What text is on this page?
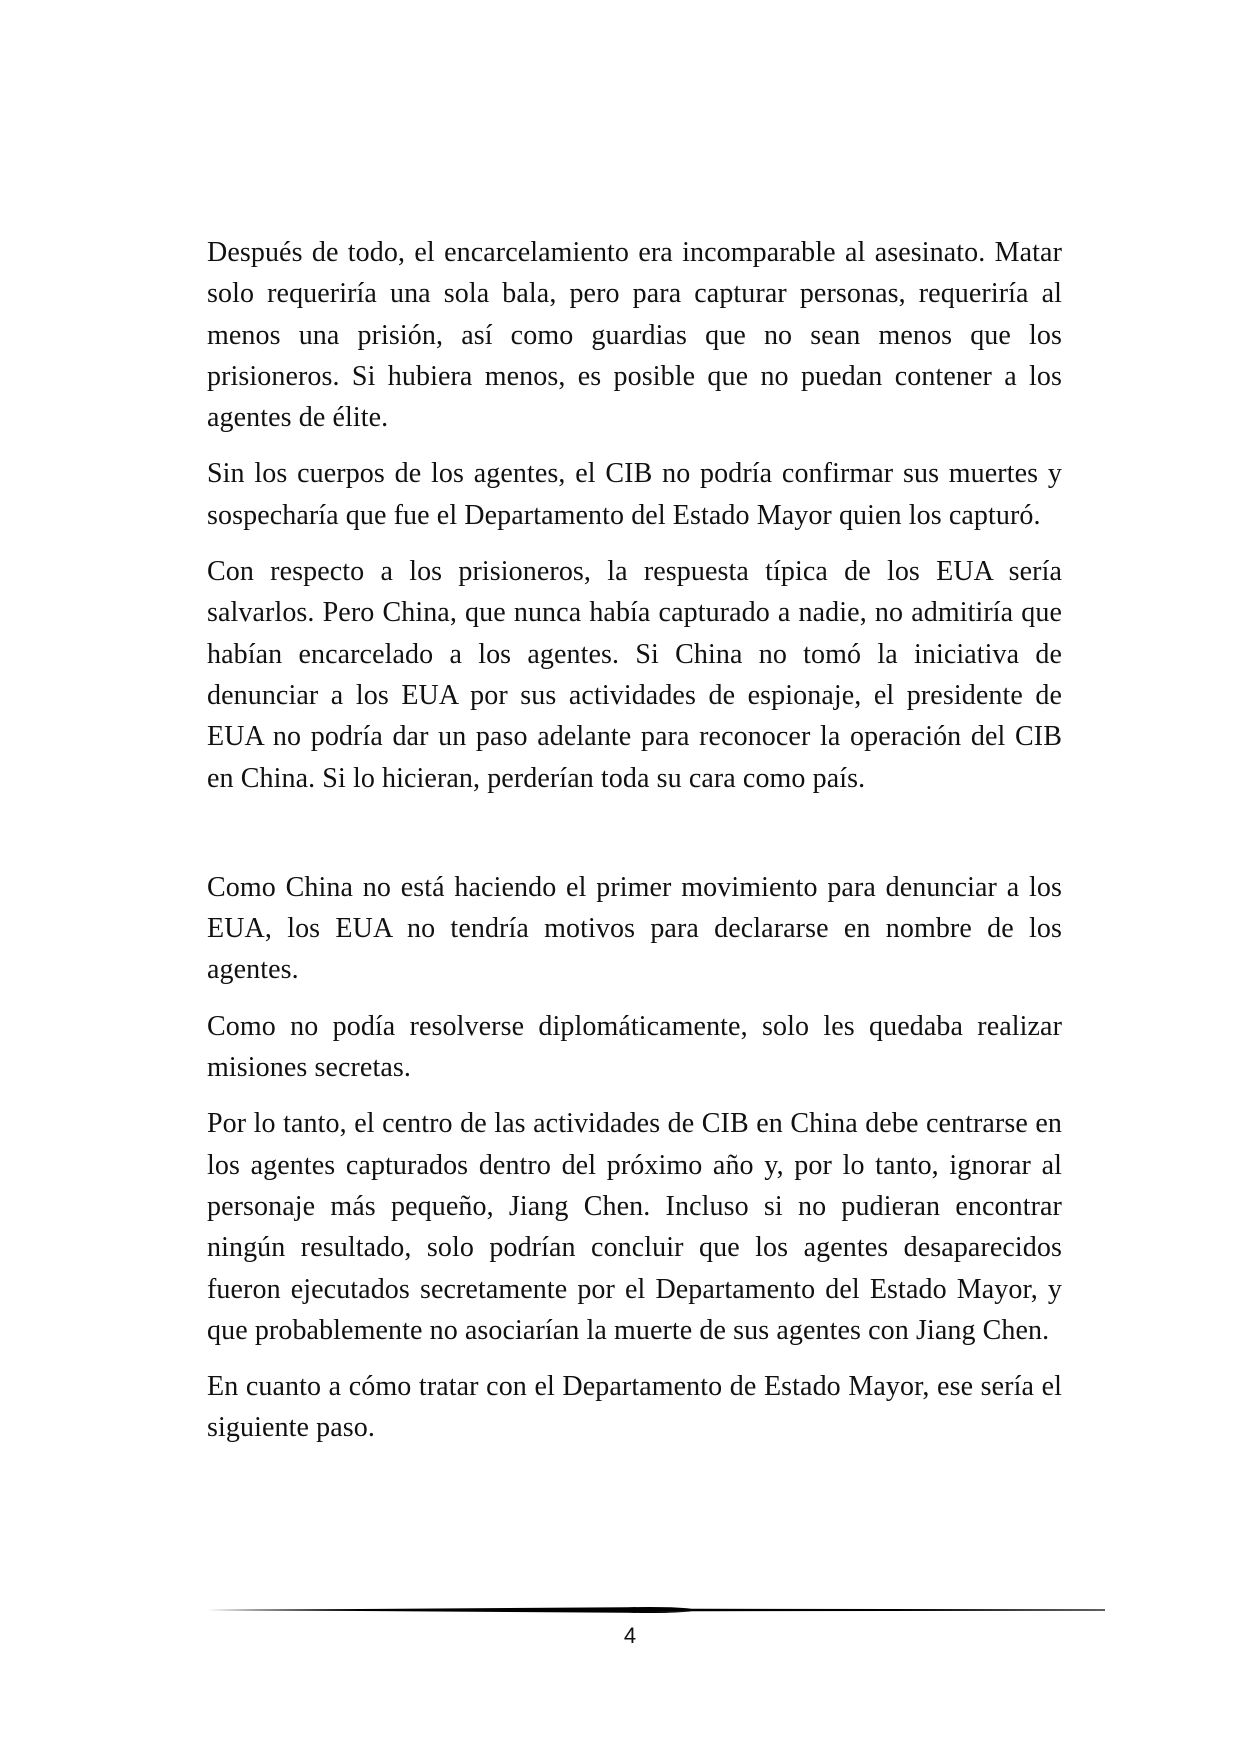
Después de todo, el encarcelamiento era incomparable al asesinato. Matar solo requeriría una sola bala, pero para capturar personas, requeriría al menos una prisión, así como guardias que no sean menos que los prisioneros. Si hubiera menos, es posible que no puedan contener a los agentes de élite.

Sin los cuerpos de los agentes, el CIB no podría confirmar sus muertes y sospecharía que fue el Departamento del Estado Mayor quien los capturó.

Con respecto a los prisioneros, la respuesta típica de los EUA sería salvarlos. Pero China, que nunca había capturado a nadie, no admitiría que habían encarcelado a los agentes. Si China no tomó la iniciativa de denunciar a los EUA por sus actividades de espionaje, el presidente de EUA no podría dar un paso adelante para reconocer la operación del CIB en China. Si lo hicieran, perderían toda su cara como país.

Como China no está haciendo el primer movimiento para denunciar a los EUA, los EUA no tendría motivos para declararse en nombre de los agentes.

Como no podía resolverse diplomáticamente, solo les quedaba realizar misiones secretas.

Por lo tanto, el centro de las actividades de CIB en China debe centrarse en los agentes capturados dentro del próximo año y, por lo tanto, ignorar al personaje más pequeño, Jiang Chen. Incluso si no pudieran encontrar ningún resultado, solo podrían concluir que los agentes desaparecidos fueron ejecutados secretamente por el Departamento del Estado Mayor, y que probablemente no asociarían la muerte de sus agentes con Jiang Chen.

En cuanto a cómo tratar con el Departamento de Estado Mayor, ese sería el siguiente paso.

4
